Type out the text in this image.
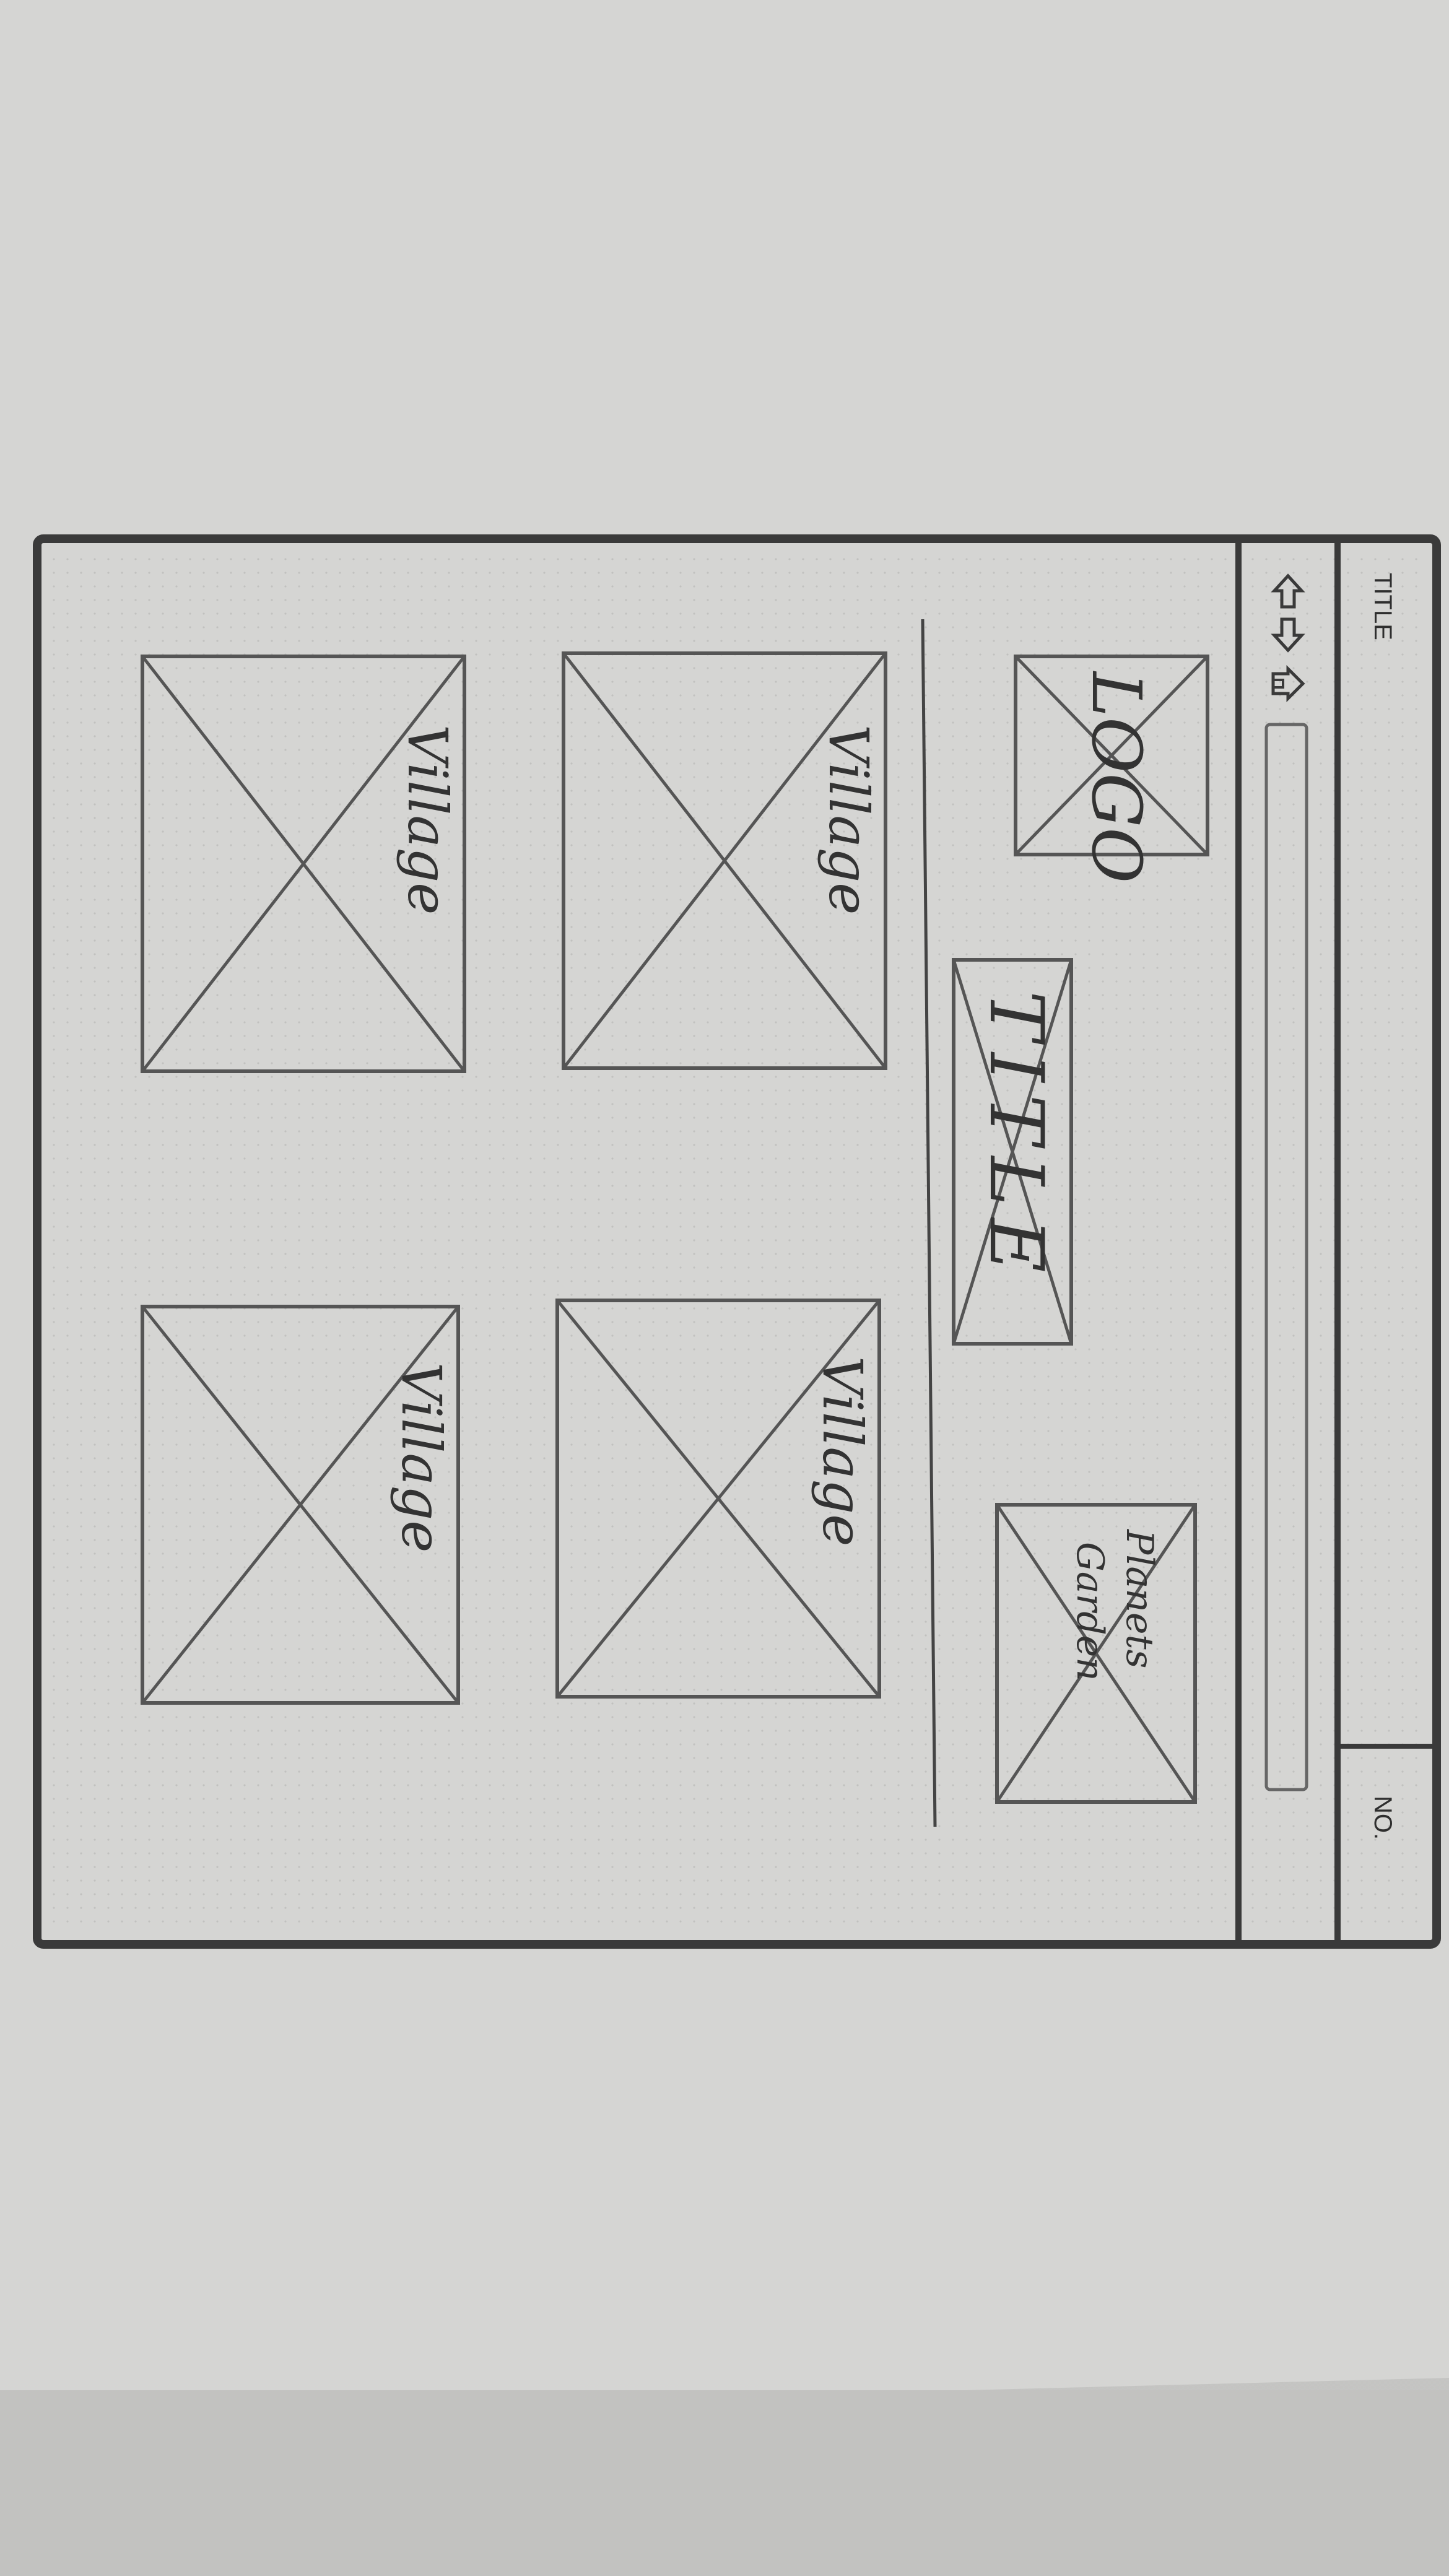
TITLE
NO.
LOGO
TITLE
Planets
Garden
Village
Village
Village
Village
